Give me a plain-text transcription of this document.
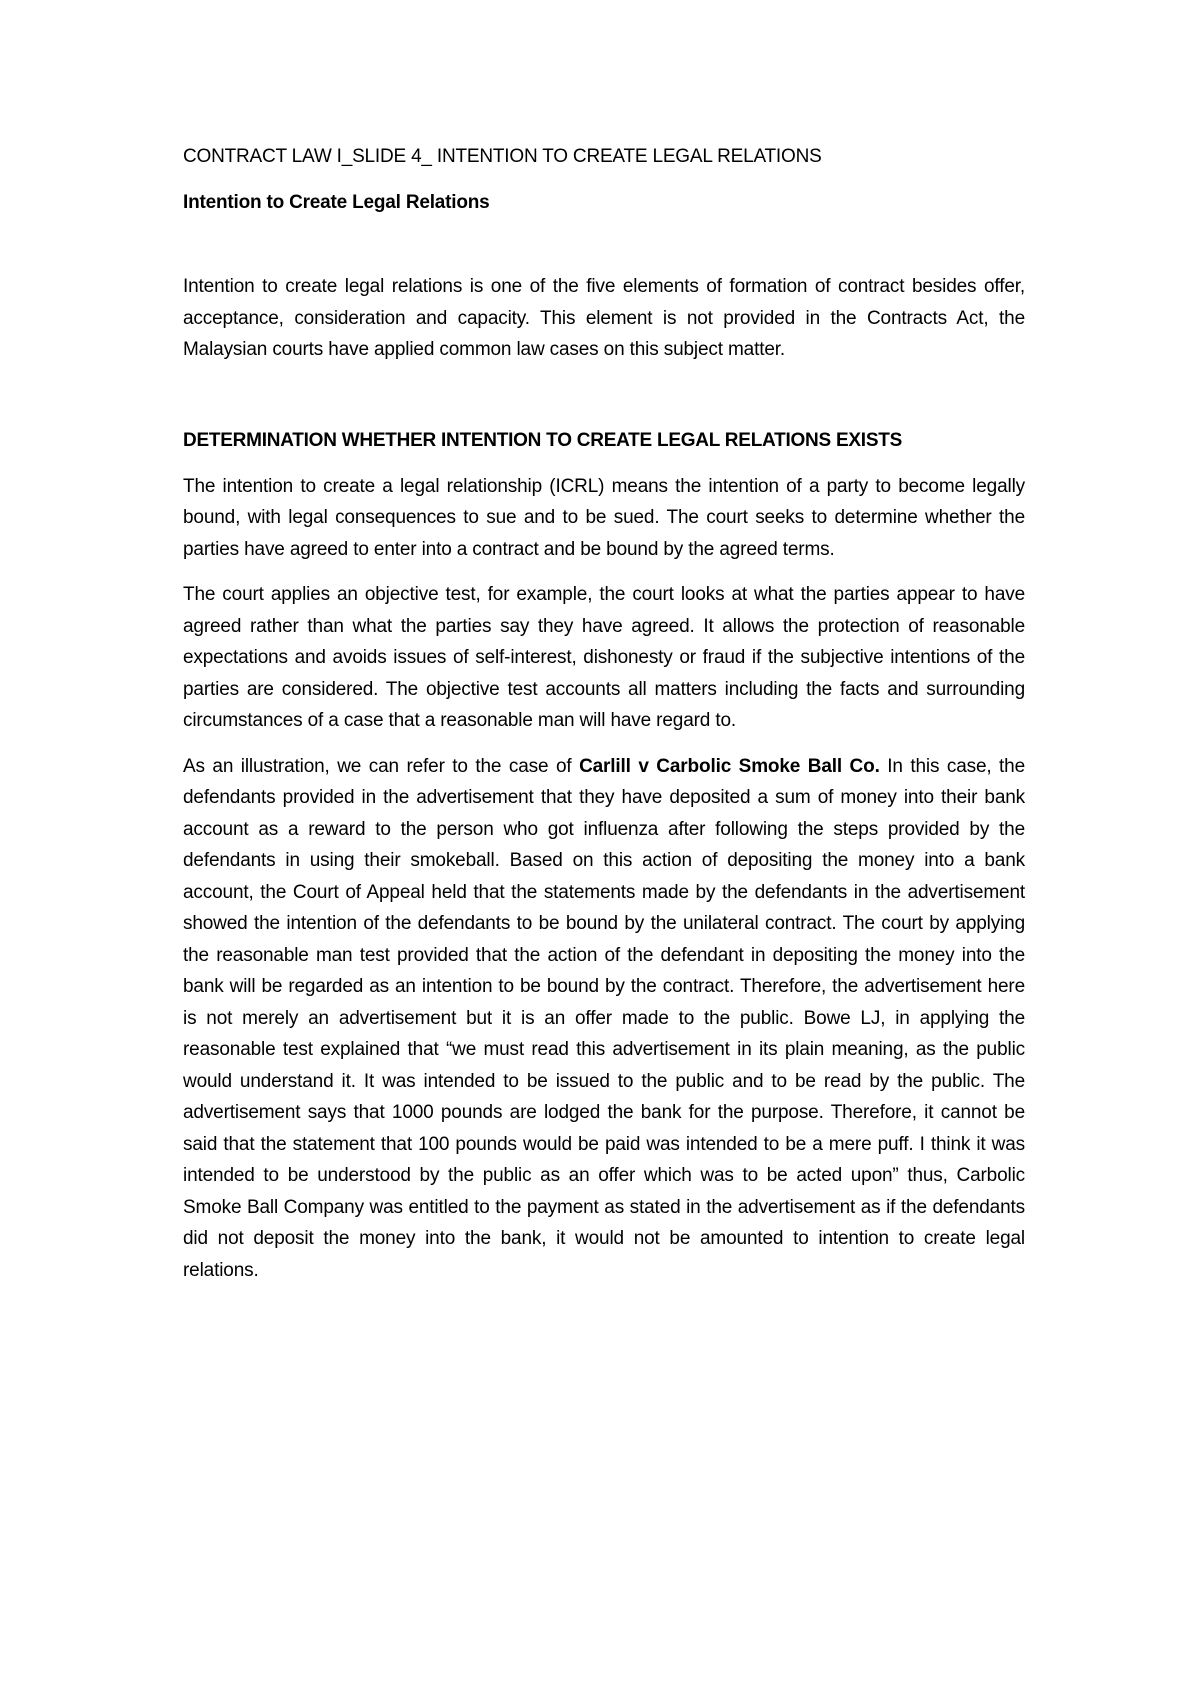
CONTRACT LAW I_SLIDE 4_ INTENTION TO CREATE LEGAL RELATIONS
Intention to Create Legal Relations

Intention to create legal relations is one of the five elements of formation of contract besides offer, acceptance, consideration and capacity. This element is not provided in the Contracts Act, the Malaysian courts have applied common law cases on this subject matter.

DETERMINATION WHETHER INTENTION TO CREATE LEGAL RELATIONS EXISTS

The intention to create a legal relationship (ICRL) means the intention of a party to become legally bound, with legal consequences to sue and to be sued. The court seeks to determine whether the parties have agreed to enter into a contract and be bound by the agreed terms.

The court applies an objective test, for example, the court looks at what the parties appear to have agreed rather than what the parties say they have agreed. It allows the protection of reasonable expectations and avoids issues of self-interest, dishonesty or fraud if the subjective intentions of the parties are considered. The objective test accounts all matters including the facts and surrounding circumstances of a case that a reasonable man will have regard to.

As an illustration, we can refer to the case of Carlill v Carbolic Smoke Ball Co. In this case, the defendants provided in the advertisement that they have deposited a sum of money into their bank account as a reward to the person who got influenza after following the steps provided by the defendants in using their smokeball. Based on this action of depositing the money into a bank account, the Court of Appeal held that the statements made by the defendants in the advertisement showed the intention of the defendants to be bound by the unilateral contract. The court by applying the reasonable man test provided that the action of the defendant in depositing the money into the bank will be regarded as an intention to be bound by the contract. Therefore, the advertisement here is not merely an advertisement but it is an offer made to the public. Bowe LJ, in applying the reasonable test explained that “we must read this advertisement in its plain meaning, as the public would understand it. It was intended to be issued to the public and to be read by the public. The advertisement says that 1000 pounds are lodged the bank for the purpose. Therefore, it cannot be said that the statement that 100 pounds would be paid was intended to be a mere puff. I think it was intended to be understood by the public as an offer which was to be acted upon” thus, Carbolic Smoke Ball Company was entitled to the payment as stated in the advertisement as if the defendants did not deposit the money into the bank, it would not be amounted to intention to create legal relations.
